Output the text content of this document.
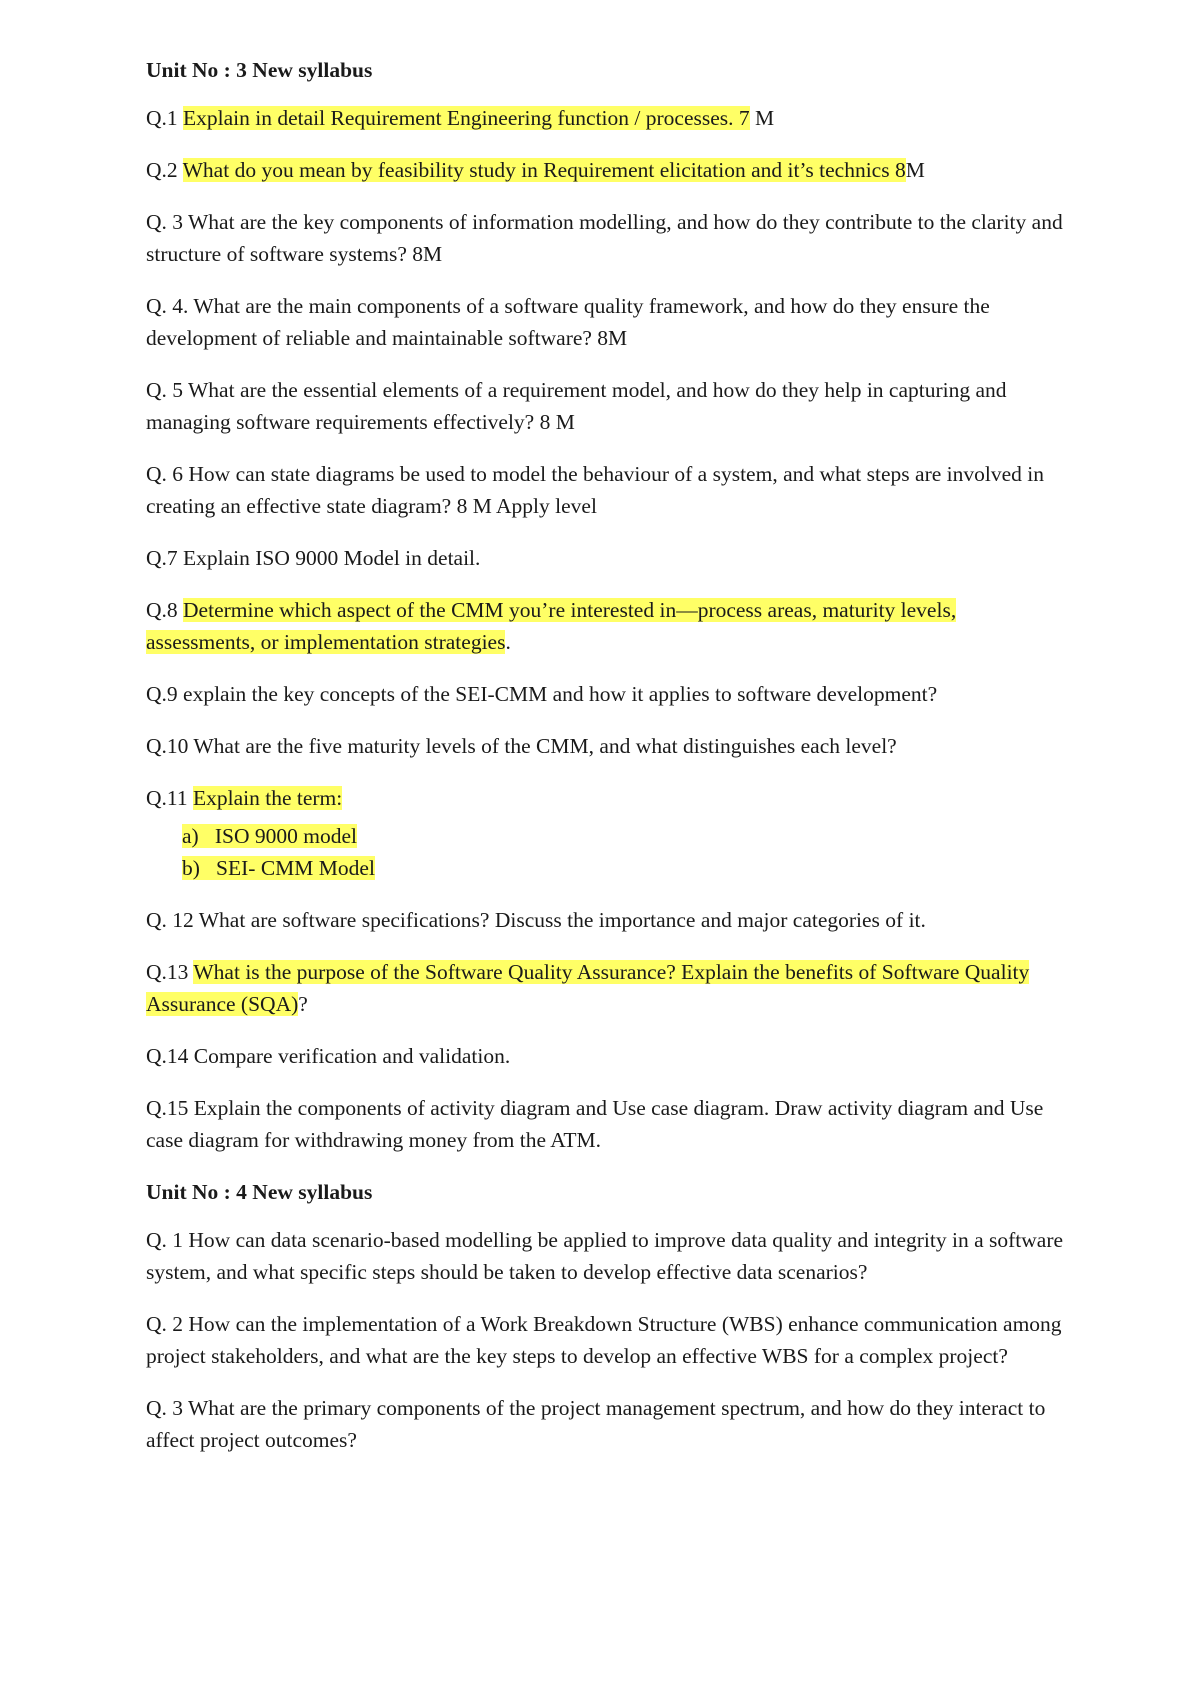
Unit No : 3 New syllabus

Q.1 Explain in detail Requirement Engineering function / processes. 7 M

Q.2 What do you mean by feasibility study in Requirement elicitation and it’s technics 8M

Q. 3 What are the key components of information modelling, and how do they contribute to the clarity and structure of software systems? 8M

Q. 4. What are the main components of a software quality framework, and how do they ensure the development of reliable and maintainable software? 8M

Q. 5 What are the essential elements of a requirement model, and how do they help in capturing and managing software requirements effectively? 8 M

Q. 6 How can state diagrams be used to model the behaviour of a system, and what steps are involved in creating an effective state diagram? 8 M Apply level

Q.7 Explain ISO 9000 Model in detail.

Q.8 Determine which aspect of the CMM you’re interested in—process areas, maturity levels, assessments, or implementation strategies.

Q.9 explain the key concepts of the SEI-CMM and how it applies to software development?

Q.10 What are the five maturity levels of the CMM, and what distinguishes each level?

Q.11 Explain the term:

a) ISO 9000 model
b) SEI- CMM Model

Q. 12 What are software specifications? Discuss the importance and major categories of it.

Q.13 What is the purpose of the Software Quality Assurance? Explain the benefits of Software Quality Assurance (SQA)?

Q.14 Compare verification and validation.

Q.15 Explain the components of activity diagram and Use case diagram. Draw activity diagram and Use case diagram for withdrawing money from the ATM.

Unit No : 4 New syllabus

Q. 1 How can data scenario-based modelling be applied to improve data quality and integrity in a software system, and what specific steps should be taken to develop effective data scenarios?

Q. 2 How can the implementation of a Work Breakdown Structure (WBS) enhance communication among project stakeholders, and what are the key steps to develop an effective WBS for a complex project?

Q. 3 What are the primary components of the project management spectrum, and how do they interact to affect project outcomes?
